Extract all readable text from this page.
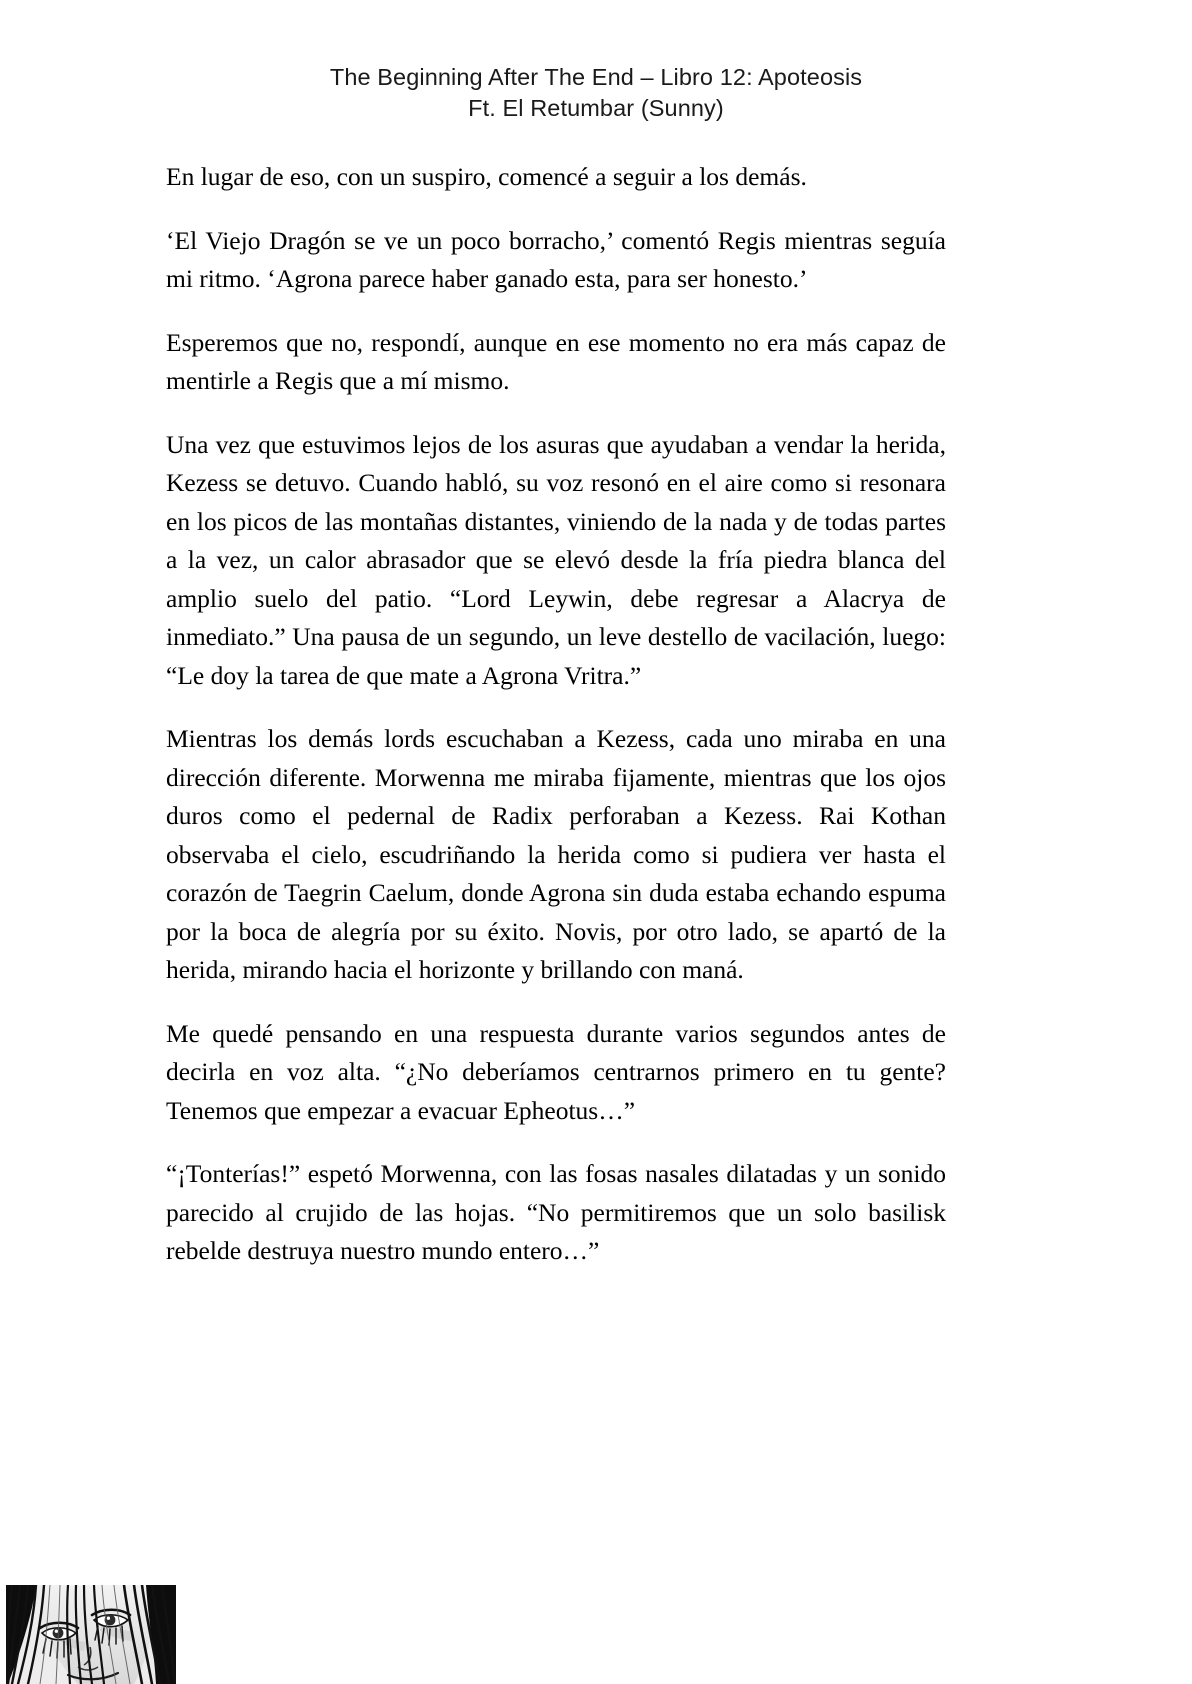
The Beginning After The End – Libro 12: Apoteosis
Ft. El Retumbar (Sunny)

En lugar de eso, con un suspiro, comencé a seguir a los demás.

‘El Viejo Dragón se ve un poco borracho,’ comentó Regis mientras seguía mi ritmo. ‘Agrona parece haber ganado esta, para ser honesto.’

Esperemos que no, respondí, aunque en ese momento no era más capaz de mentirle a Regis que a mí mismo.

Una vez que estuvimos lejos de los asuras que ayudaban a vendar la herida, Kezess se detuvo. Cuando habló, su voz resonó en el aire como si resonara en los picos de las montañas distantes, viniendo de la nada y de todas partes a la vez, un calor abrasador que se elevó desde la fría piedra blanca del amplio suelo del patio. “Lord Leywin, debe regresar a Alacrya de inmediato.” Una pausa de un segundo, un leve destello de vacilación, luego: “Le doy la tarea de que mate a Agrona Vritra.”

Mientras los demás lords escuchaban a Kezess, cada uno miraba en una dirección diferente. Morwenna me miraba fijamente, mientras que los ojos duros como el pedernal de Radix perforaban a Kezess. Rai Kothan observaba el cielo, escudriñando la herida como si pudiera ver hasta el corazón de Taegrin Caelum, donde Agrona sin duda estaba echando espuma por la boca de alegría por su éxito. Novis, por otro lado, se apartó de la herida, mirando hacia el horizonte y brillando con maná.

Me quedé pensando en una respuesta durante varios segundos antes de decirla en voz alta. “¿No deberíamos centrarnos primero en tu gente? Tenemos que empezar a evacuar Epheotus…”

“¡Tonterías!” espetó Morwenna, con las fosas nasales dilatadas y un sonido parecido al crujido de las hojas. “No permitiremos que un solo basilisk rebelde destruya nuestro mundo entero…”
